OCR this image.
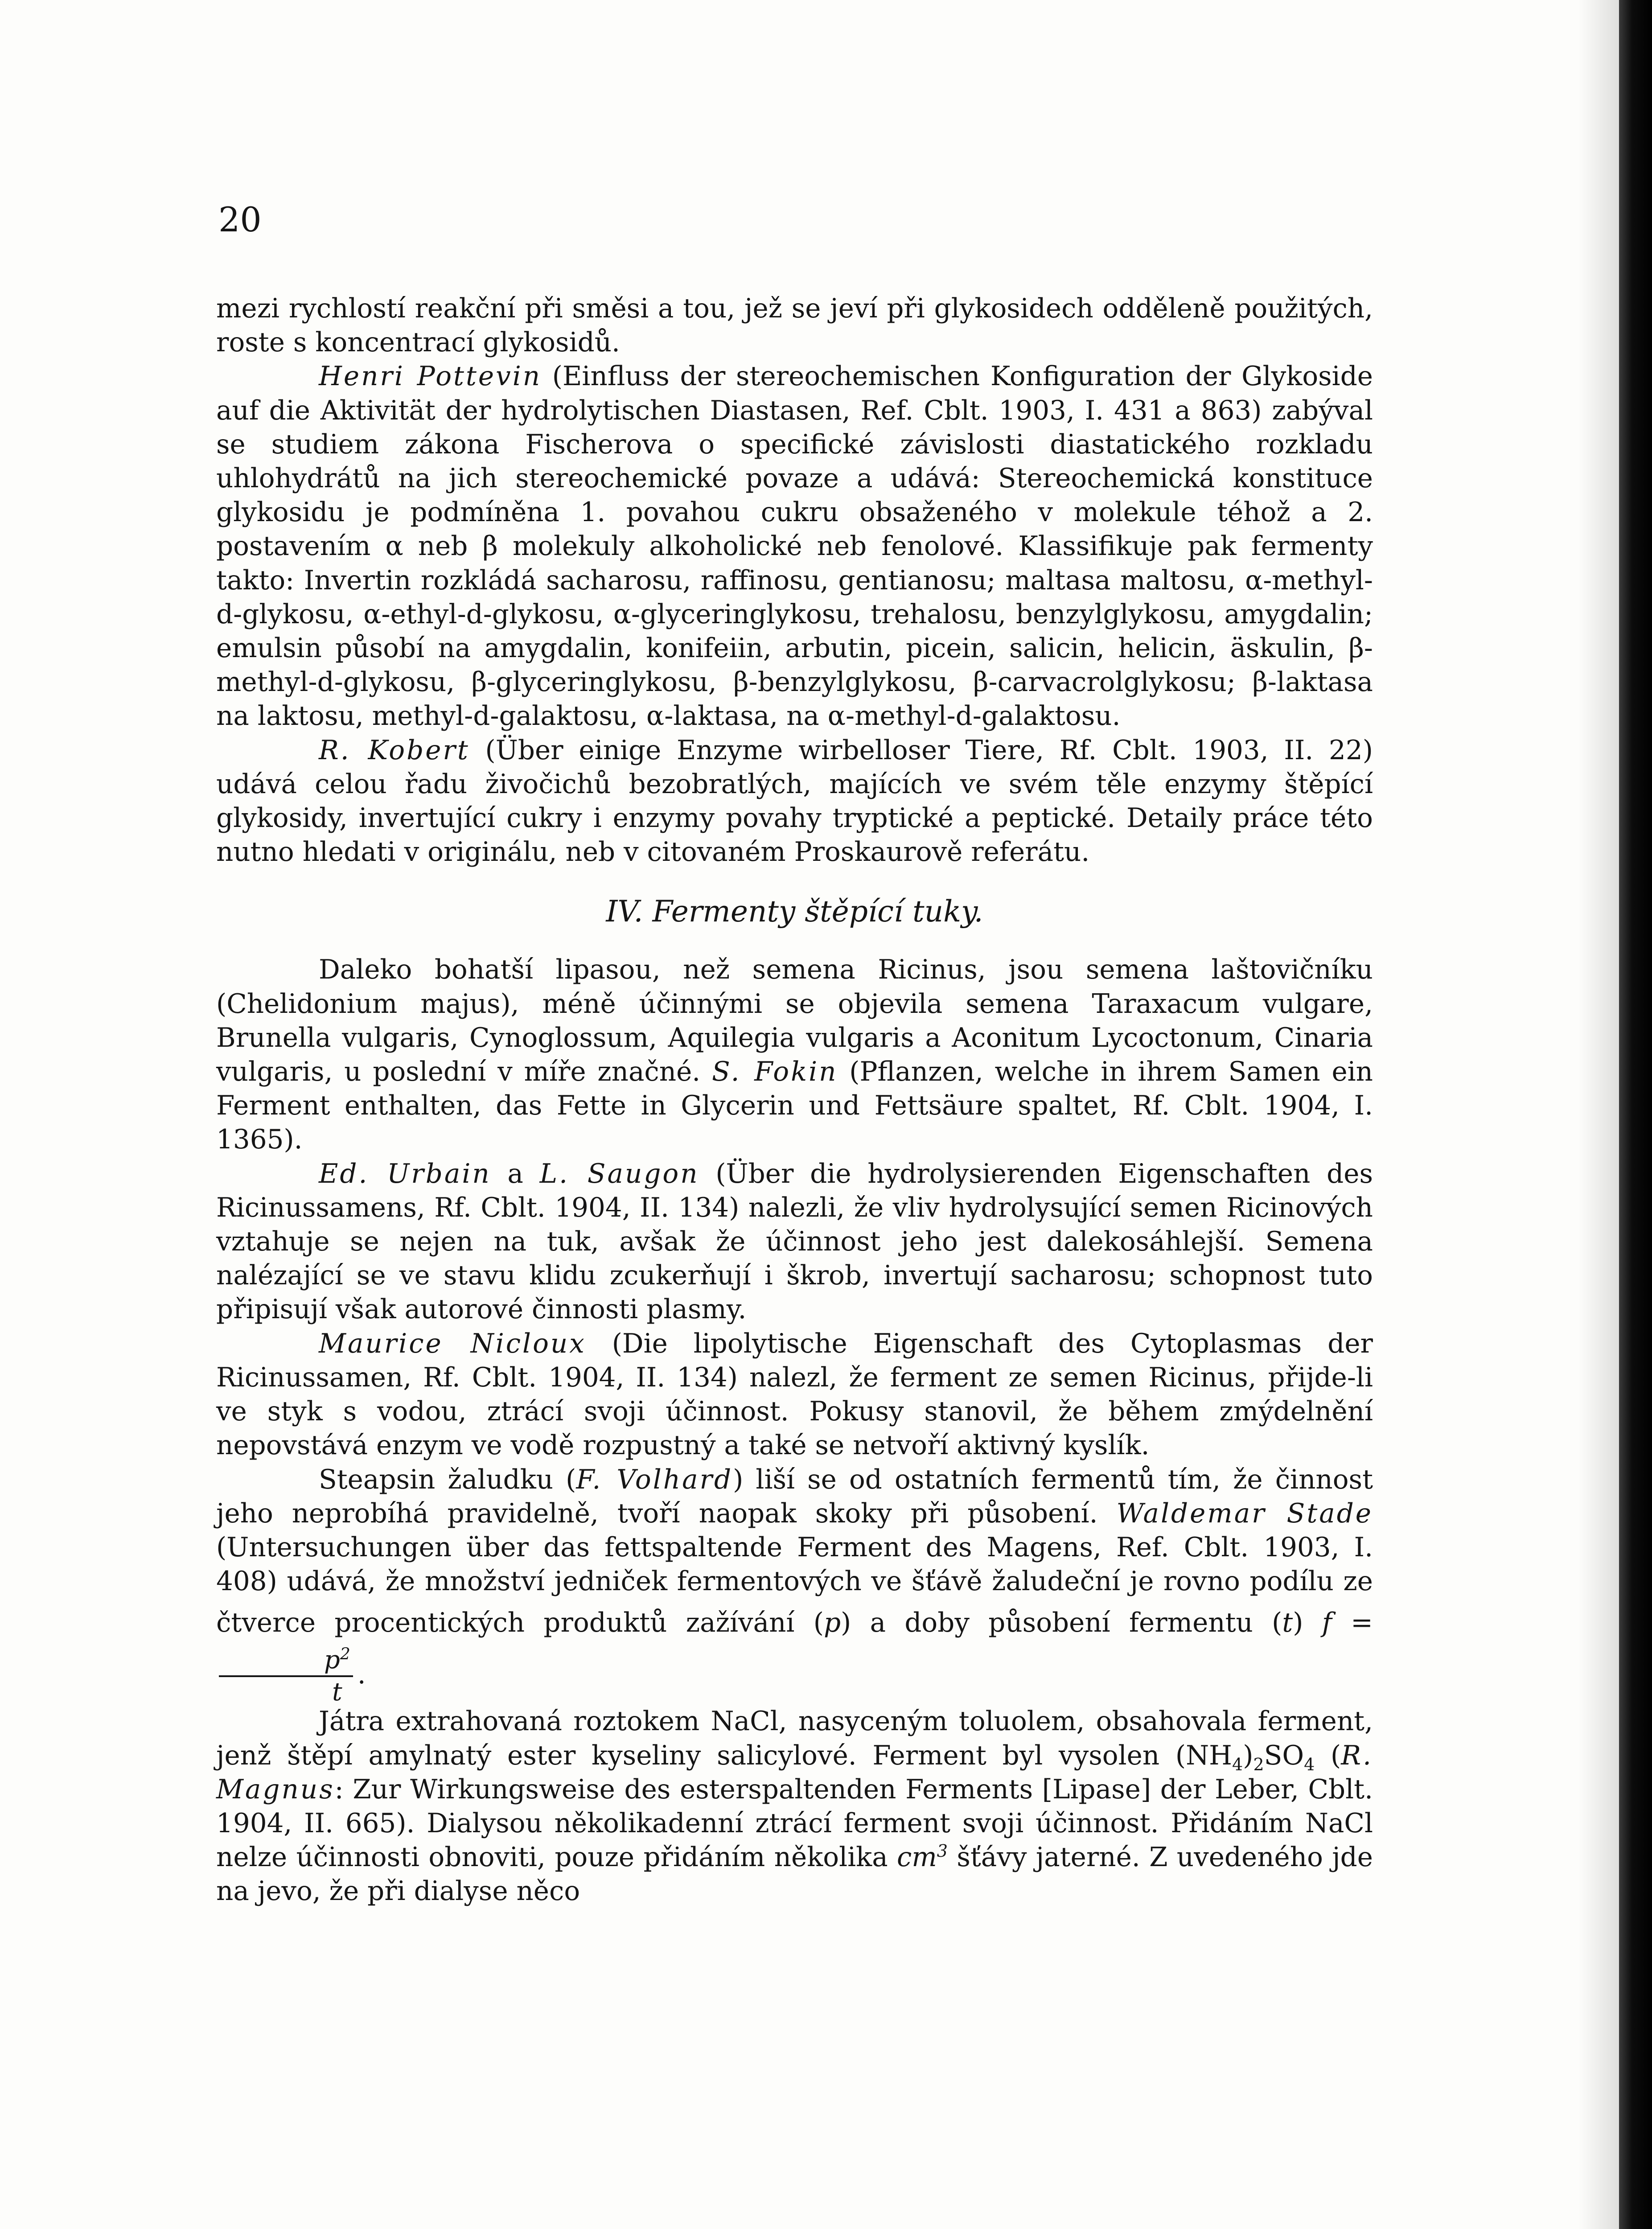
20

mezi rychlostí reakční při směsi a tou, jež se jeví při glykosidech odděleně použitých, roste s koncentrací glykosidů.

Henri Pottevin (Einfluss der stereochemischen Konfiguration der Glykoside auf die Aktivität der hydrolytischen Diastasen, Ref. Cblt. 1903, I. 431 a 863) zabýval se studiem zákona Fischerova o specifické závislosti diastatického rozkladu uhlohydrátů na jich stereochemické povaze a udává: Stereochemická konstituce glykosidu je podmíněna 1. povahou cukru obsaženého v molekule téhož a 2. postavením α neb β molekuly alkoholické neb fenolové. Klassifikuje pak fermenty takto: Invertin rozkládá sacharosu, raffinosu, gentianosu; maltasa maltosu, α-methyl-d-glykosu, α-ethyl-d-glykosu, α-glyceringlykosu, trehalosu, benzylglykosu, amygdalin; emulsin působí na amygdalin, konifeiin, arbutin, picein, salicin, helicin, äskulin, β-methyl-d-glykosu, β-glyceringlykosu, β-benzylglykosu, β-carvacrolglykosu; β-laktasa na laktosu, methyl-d-galaktosu, α-laktasa, na α-methyl-d-galaktosu.

R. Kobert (Über einige Enzyme wirbelloser Tiere, Rf. Cblt. 1903, II. 22) udává celou řadu živočichů bezobratlých, majících ve svém těle enzymy štěpící glykosidy, invertující cukry i enzymy povahy tryptické a peptické. Detaily práce této nutno hledati v originálu, neb v citovaném Proskaurově referátu.

IV. Fermenty štěpící tuky.

Daleko bohatší lipasou, než semena Ricinus, jsou semena laštovičníku (Chelidonium majus), méně účinnými se objevila semena Taraxacum vulgare, Brunella vulgaris, Cynoglossum, Aquilegia vulgaris a Aconitum Lycoctonum, Cinaria vulgaris, u poslední v míře značné. S. Fokin (Pflanzen, welche in ihrem Samen ein Ferment enthalten, das Fette in Glycerin und Fettsäure spaltet, Rf. Cblt. 1904, I. 1365).

Ed. Urbain a L. Saugon (Über die hydrolysierenden Eigenschaften des Ricinussamens, Rf. Cblt. 1904, II. 134) nalezli, že vliv hydrolysující semen Ricinových vztahuje se nejen na tuk, avšak že účinnost jeho jest dalekosáhlejší. Semena nalézající se ve stavu klidu zcukerňují i škrob, invertují sacharosu; schopnost tuto připisují však autorové činnosti plasmy.

Maurice Nicloux (Die lipolytische Eigenschaft des Cytoplasmas der Ricinussamen, Rf. Cblt. 1904, II. 134) nalezl, že ferment ze semen Ricinus, přijde-li ve styk s vodou, ztrácí svoji účinnost. Pokusy stanovil, že během zmýdelnění nepovstává enzym ve vodě rozpustný a také se netvoří aktivný kyslík.

Steapsin žaludku (F. Volhard) liší se od ostatních fermentů tím, že činnost jeho neprobíhá pravidelně, tvoří naopak skoky při působení. Waldemar Stade (Untersuchungen über das fettspaltende Ferment des Magens, Ref. Cblt. 1903, I. 408) udává, že množství jedniček fermentových ve šťávě žaludeční je rovno podílu ze čtverce procentických produktů zažívání (p) a doby působení fermentu (t) f =
$\frac{p^2}{t}$ .

Játra extrahovaná roztokem NaCl, nasyceným toluolem, obsahovala ferment, jenž štěpí amylnatý ester kyseliny salicylové. Ferment byl vysolen $(NH_4)_2SO_4$ (R. Magnus: Zur Wirkungsweise des esterspaltenden Ferments [Lipase] der Leber, Cblt. 1904, II. 665). Dialysou několikadenní ztrácí ferment svoji účinnost. Přidáním NaCl nelze účinnosti obnoviti, pouze přidáním několika $cm^3$ šťávy jaterné. Z uvedeného jde na jevo, že při dialyse něco
